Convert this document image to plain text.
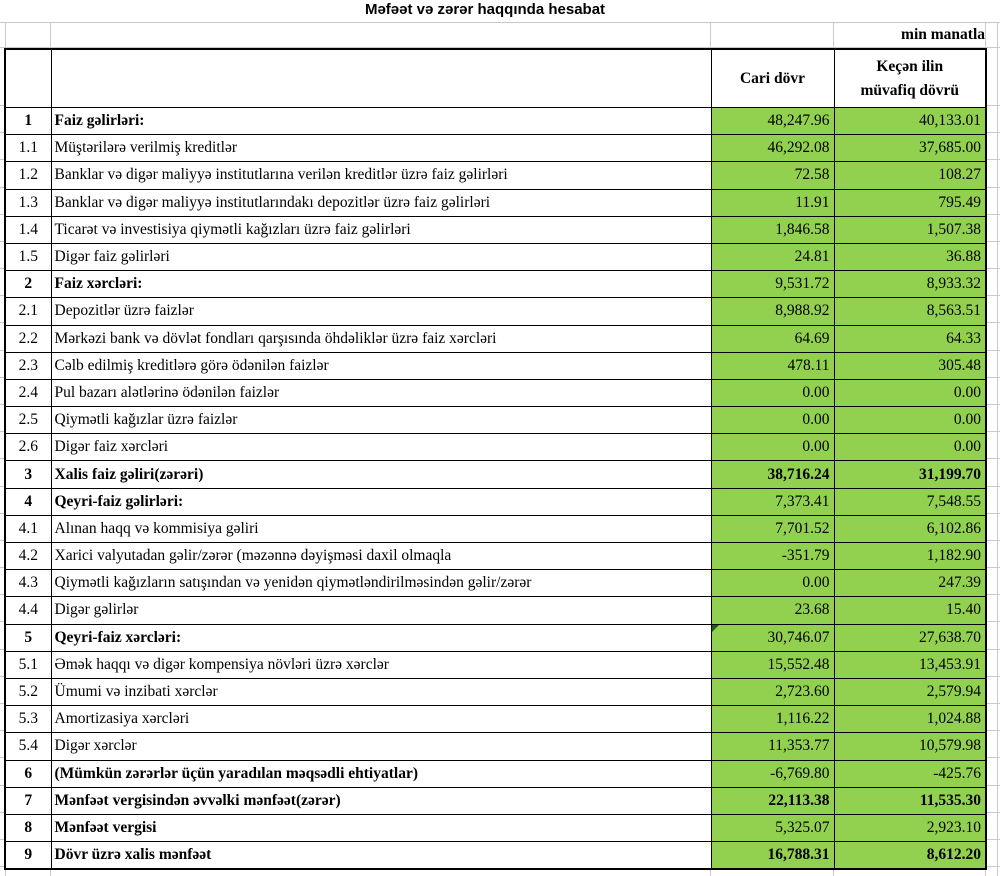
Məfəət və zərər haqqında hesabat
min manatla
		Cari dövr	Keçən ilin
müvafiq dövrü

1	Faiz gəlirləri:	48,247.96	40,133.01
1.1	Müştərilərə verilmiş kreditlər	46,292.08	37,685.00
1.2	Banklar və digər maliyyə institutlarına verilən kreditlər üzrə faiz gəlirləri	72.58	108.27
1.3	Banklar və digər maliyyə institutlarındakı depozitlər üzrə faiz gəlirləri	11.91	795.49
1.4	Ticarət və investisiya qiymətli kağızları üzrə faiz gəlirləri	1,846.58	1,507.38
1.5	Digər faiz gəlirləri	24.81	36.88
2	Faiz xərcləri:	9,531.72	8,933.32
2.1	Depozitlər üzrə faizlər	8,988.92	8,563.51
2.2	Mərkəzi bank və dövlət fondları qarşısında öhdəliklər üzrə faiz xərcləri	64.69	64.33
2.3	Cəlb edilmiş kreditlərə görə ödənilən faizlər	478.11	305.48
2.4	Pul bazarı alətlərinə ödənilən faizlər	0.00	0.00
2.5	Qiymətli kağızlar üzrə faizlər	0.00	0.00
2.6	Digər faiz xərcləri	0.00	0.00
3	Xalis faiz gəliri(zərəri)	38,716.24	31,199.70
4	Qeyri-faiz gəlirləri:	7,373.41	7,548.55
4.1	Alınan haqq və kommisiya gəliri	7,701.52	6,102.86
4.2	Xarici valyutadan gəlir/zərər (məzənnə dəyişməsi daxil olmaqla	-351.79	1,182.90
4.3	Qiymətli kağızların satışından və yenidən qiymətləndirilməsindən gəlir/zərər	0.00	247.39
4.4	Digər gəlirlər	23.68	15.40
5	Qeyri-faiz xərcləri:	30,746.07	27,638.70
5.1	Əmək haqqı və digər kompensiya növləri üzrə xərclər	15,552.48	13,453.91
5.2	Ümumi və inzibati xərclər	2,723.60	2,579.94
5.3	Amortizasiya xərcləri	1,116.22	1,024.88
5.4	Digər xərclər	11,353.77	10,579.98
6	(Mümkün zərərlər üçün yaradılan məqsədli ehtiyatlar)	-6,769.80	-425.76
7	Mənfəət vergisindən əvvəlki mənfəət(zərər)	22,113.38	11,535.30
8	Mənfəət vergisi	5,325.07	2,923.10
9	Dövr üzrə xalis mənfəət	16,788.31	8,612.20
